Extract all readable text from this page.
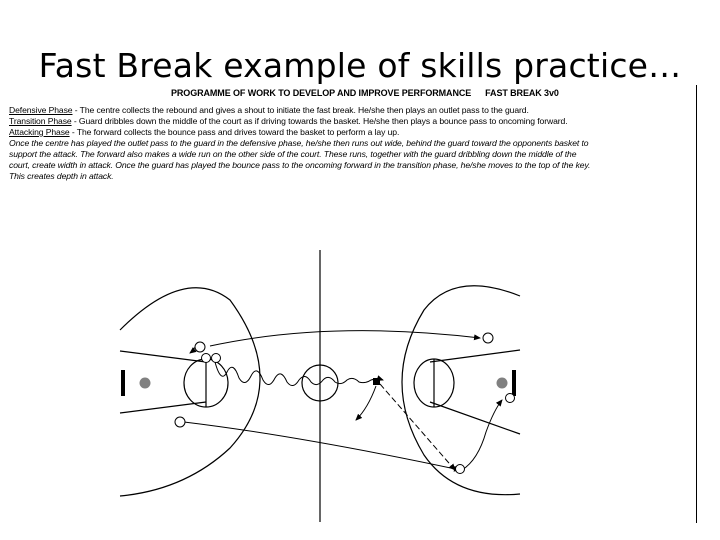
Fast Break example of skills practice…
PROGRAMME OF WORK TO DEVELOP AND IMPROVE PERFORMANCE FAST BREAK 3v0
Defensive Phase - The centre collects the rebound and gives a shout to initiate the fast break. He/she then plays an outlet pass to the guard.
Transition Phase - Guard dribbles down the middle of the court as if driving towards the basket. He/she then plays a bounce pass to oncoming forward.
Attacking Phase - The forward collects the bounce pass and drives toward the basket to perform a lay up.
Once the centre has played the outlet pass to the guard in the defensive phase, he/she then runs out wide, behind the guard toward the opponents basket to
support the attack. The forward also makes a wide run on the other side of the court. These runs, together with the guard dribbling down the middle of the
court, create width in attack. Once the guard has played the bounce pass to the oncoming forward in the transition phase, he/she moves to the top of the key.
This creates depth in attack.
